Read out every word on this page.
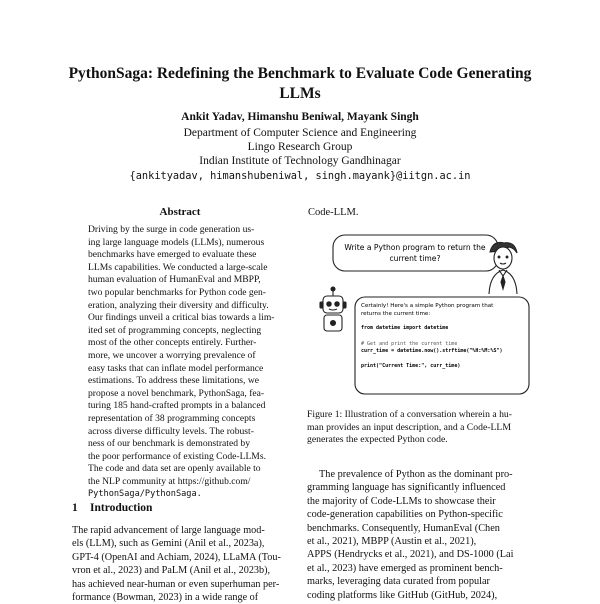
PythonSaga: Redefining the Benchmark to Evaluate Code Generating
LLMs
Ankit Yadav, Himanshu Beniwal, Mayank Singh
Department of Computer Science and Engineering
Lingo Research Group
Indian Institute of Technology Gandhinagar
{ankityadav, himanshubeniwal, singh.mayank}@iitgn.ac.in
Abstract
Driving by the surge in code generation us-
ing large language models (LLMs), numerous
benchmarks have emerged to evaluate these
LLMs capabilities. We conducted a large-scale
human evaluation of HumanEval and MBPP,
two popular benchmarks for Python code gen-
eration, analyzing their diversity and difficulty.
Our findings unveil a critical bias towards a lim-
ited set of programming concepts, neglecting
most of the other concepts entirely. Further-
more, we uncover a worrying prevalence of
easy tasks that can inflate model performance
estimations. To address these limitations, we
propose a novel benchmark, PythonSaga, fea-
turing 185 hand-crafted prompts in a balanced
representation of 38 programming concepts
across diverse difficulty levels. The robust-
ness of our benchmark is demonstrated by
the poor performance of existing Code-LLMs.
The code and data set are openly available to
the NLP community at https://github.com/
PythonSaga/PythonSaga.
1 Introduction
The rapid advancement of large language mod-
els (LLM), such as Gemini (Anil et al., 2023a),
GPT-4 (OpenAI and Achiam, 2024), LLaMA (Tou-
vron et al., 2023) and PaLM (Anil et al., 2023b),
has achieved near-human or even superhuman per-
formance (Bowman, 2023) in a wide range of
Code-LLM.
Write a Python program to return the
current time?
Certainly! Here's a simple Python program that
returns the current time:
from datetime import datetime
# Get and print the current time
curr_time = datetime.now().strftime("%H:%M:%S")
print("Current Time:", curr_time)
Figure 1: Illustration of a conversation wherein a hu-
man provides an input description, and a Code-LLM
generates the expected Python code.
The prevalence of Python as the dominant pro-
gramming language has significantly influenced
the majority of Code-LLMs to showcase their
code-generation capabilities on Python-specific
benchmarks. Consequently, HumanEval (Chen
et al., 2021), MBPP (Austin et al., 2021),
APPS (Hendrycks et al., 2021), and DS-1000 (Lai
et al., 2023) have emerged as prominent bench-
marks, leveraging data curated from popular
coding platforms like GitHub (GitHub, 2024),
